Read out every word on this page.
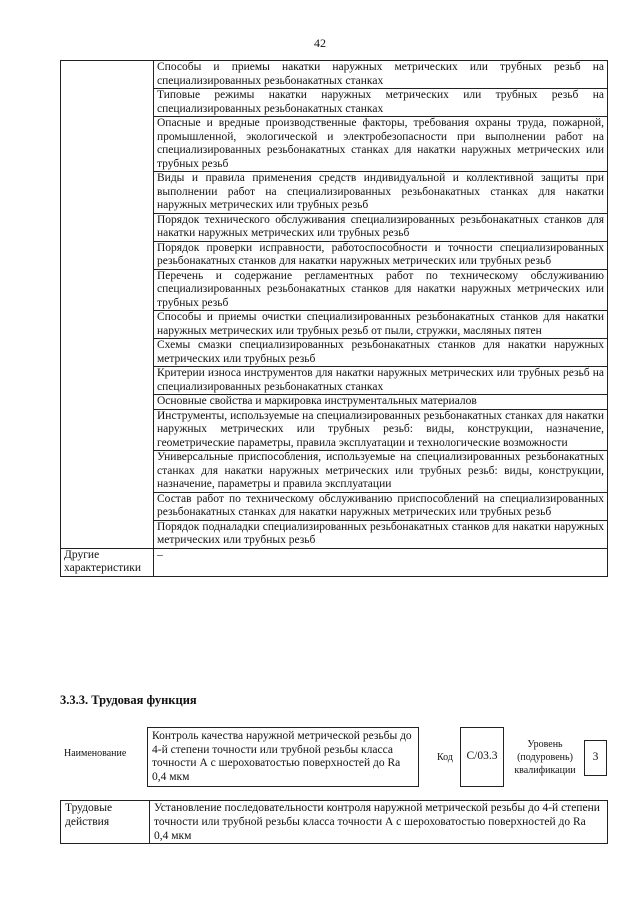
42
	Способы и приемы накатки наружных метрических или трубных резьб на специализированных резьбонакатных станках
	Типовые режимы накатки наружных метрических или трубных резьб на специализированных резьбонакатных станках
	Опасные и вредные производственные факторы, требования охраны труда, пожарной, промышленной, экологической и электробезопасности при выполнении работ на специализированных резьбонакатных станках для накатки наружных метрических или трубных резьб
	Виды и правила применения средств индивидуальной и коллективной защиты при выполнении работ на специализированных резьбонакатных станках для накатки наружных метрических или трубных резьб
	Порядок технического обслуживания специализированных резьбонакатных станков для накатки наружных метрических или трубных резьб
	Порядок проверки исправности, работоспособности и точности специализированных резьбонакатных станков для накатки наружных метрических или трубных резьб
	Перечень и содержание регламентных работ по техническому обслуживанию специализированных резьбонакатных станков для накатки наружных метрических или трубных резьб
	Способы и приемы очистки специализированных резьбонакатных станков для накатки наружных метрических или трубных резьб от пыли, стружки, масляных пятен
	Схемы смазки специализированных резьбонакатных станков для накатки наружных метрических или трубных резьб
	Критерии износа инструментов для накатки наружных метрических или трубных резьб на специализированных резьбонакатных станках
	Основные свойства и маркировка инструментальных материалов
	Инструменты, используемые на специализированных резьбонакатных станках для накатки наружных метрических или трубных резьб: виды, конструкции, назначение, геометрические параметры, правила эксплуатации и технологические возможности
	Универсальные приспособления, используемые на специализированных резьбонакатных станках для накатки наружных метрических или трубных резьб: виды, конструкции, назначение, параметры и правила эксплуатации
	Состав работ по техническому обслуживанию приспособлений на специализированных резьбонакатных станках для накатки наружных метрических или трубных резьб
	Порядок подналадки специализированных резьбонакатных станков для накатки наружных метрических или трубных резьб
Другие характеристики	–
3.3.3. Трудовая функция
Наименование
Контроль качества наружной метрической резьбы до 4-й степени точности или трубной резьбы класса точности А с шероховатостью поверхностей до Ra 0,4 мкм
Код С/03.3
Уровень (подуровень) квалификации
3
Трудовые действия	Установление последовательности контроля наружной метрической резьбы до 4-й степени точности или трубной резьбы класса точности А с шероховатостью поверхностей до Ra 0,4 мкм
